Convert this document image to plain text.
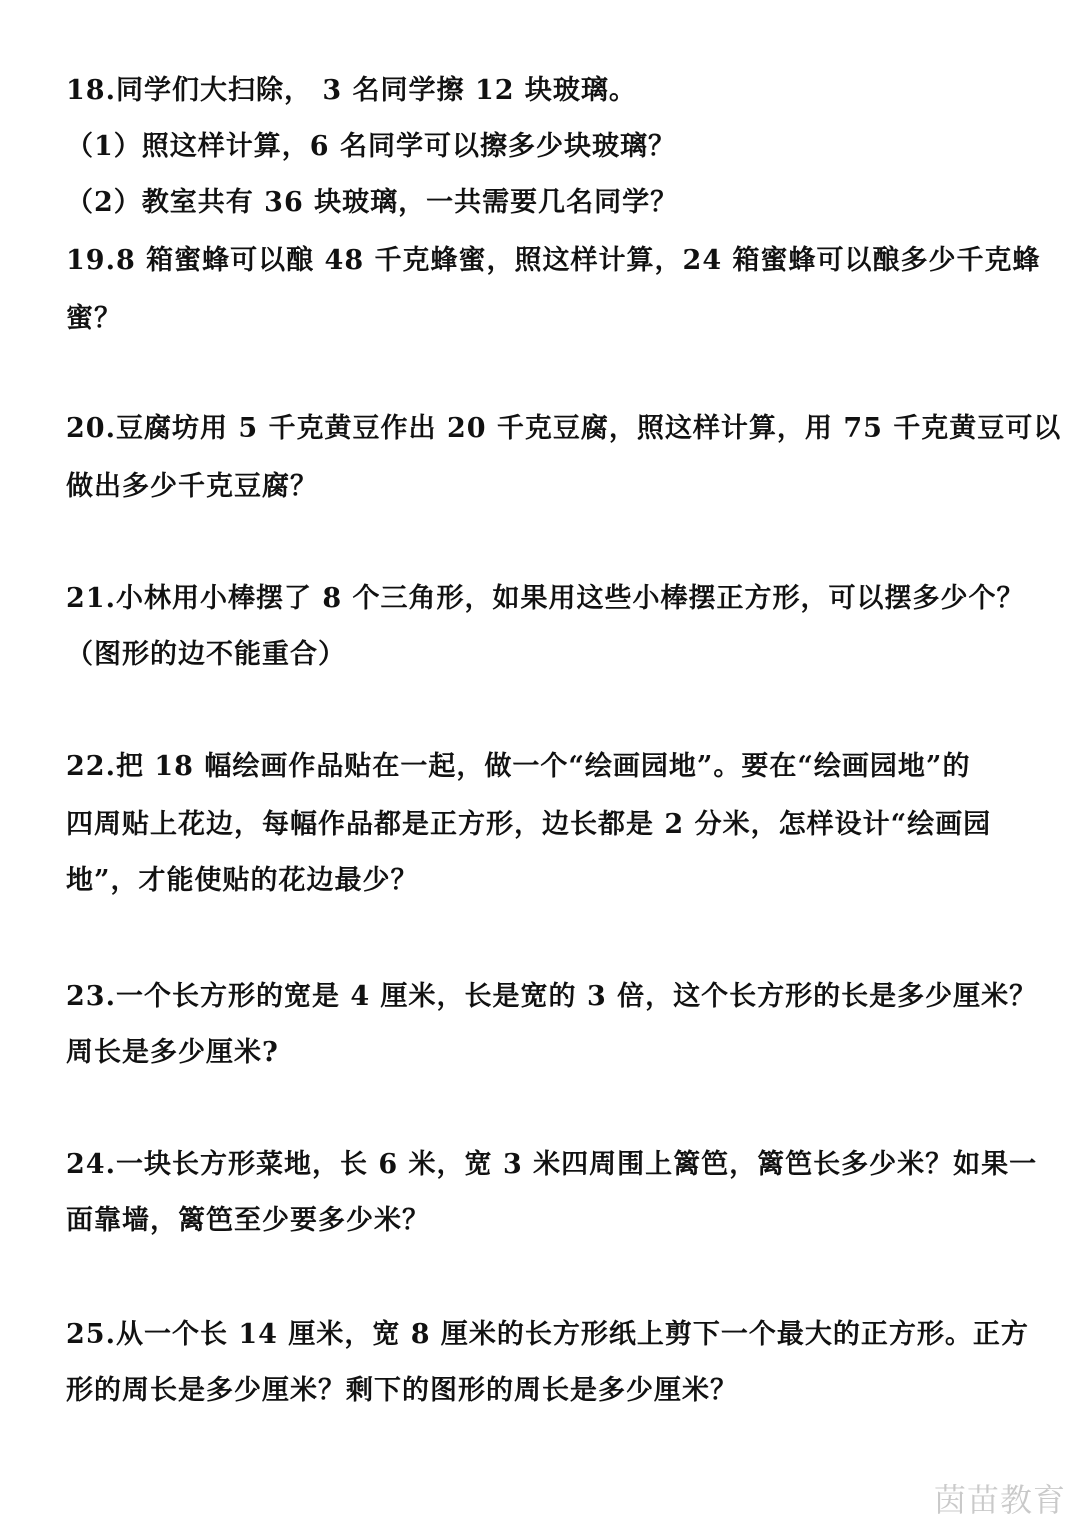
18.同学们大扫除， 3 名同学擦 12 块玻璃。
（1）照这样计算，6 名同学可以擦多少块玻璃？
（2）教室共有 36 块玻璃，一共需要几名同学？
19.8 箱蜜蜂可以酿 48 千克蜂蜜，照这样计算，24 箱蜜蜂可以酿多少千克蜂
蜜？
20.豆腐坊用 5 千克黄豆作出 20 千克豆腐，照这样计算，用 75 千克黄豆可以
做出多少千克豆腐？
21.小林用小棒摆了 8 个三角形，如果用这些小棒摆正方形，可以摆多少个？
（图形的边不能重合）
22.把 18 幅绘画作品贴在一起，做一个“绘画园地”。要在“绘画园地”的
四周贴上花边，每幅作品都是正方形，边长都是 2 分米，怎样设计“绘画园
地”，才能使贴的花边最少？
23.一个长方形的宽是 4 厘米，长是宽的 3 倍，这个长方形的长是多少厘米？
周长是多少厘米?
24.一块长方形菜地，长 6 米，宽 3 米四周围上篱笆，篱笆长多少米？如果一
面靠墙，篱笆至少要多少米？
25.从一个长 14 厘米，宽 8 厘米的长方形纸上剪下一个最大的正方形。正方
形的周长是多少厘米？剩下的图形的周长是多少厘米？
茵苗教育
